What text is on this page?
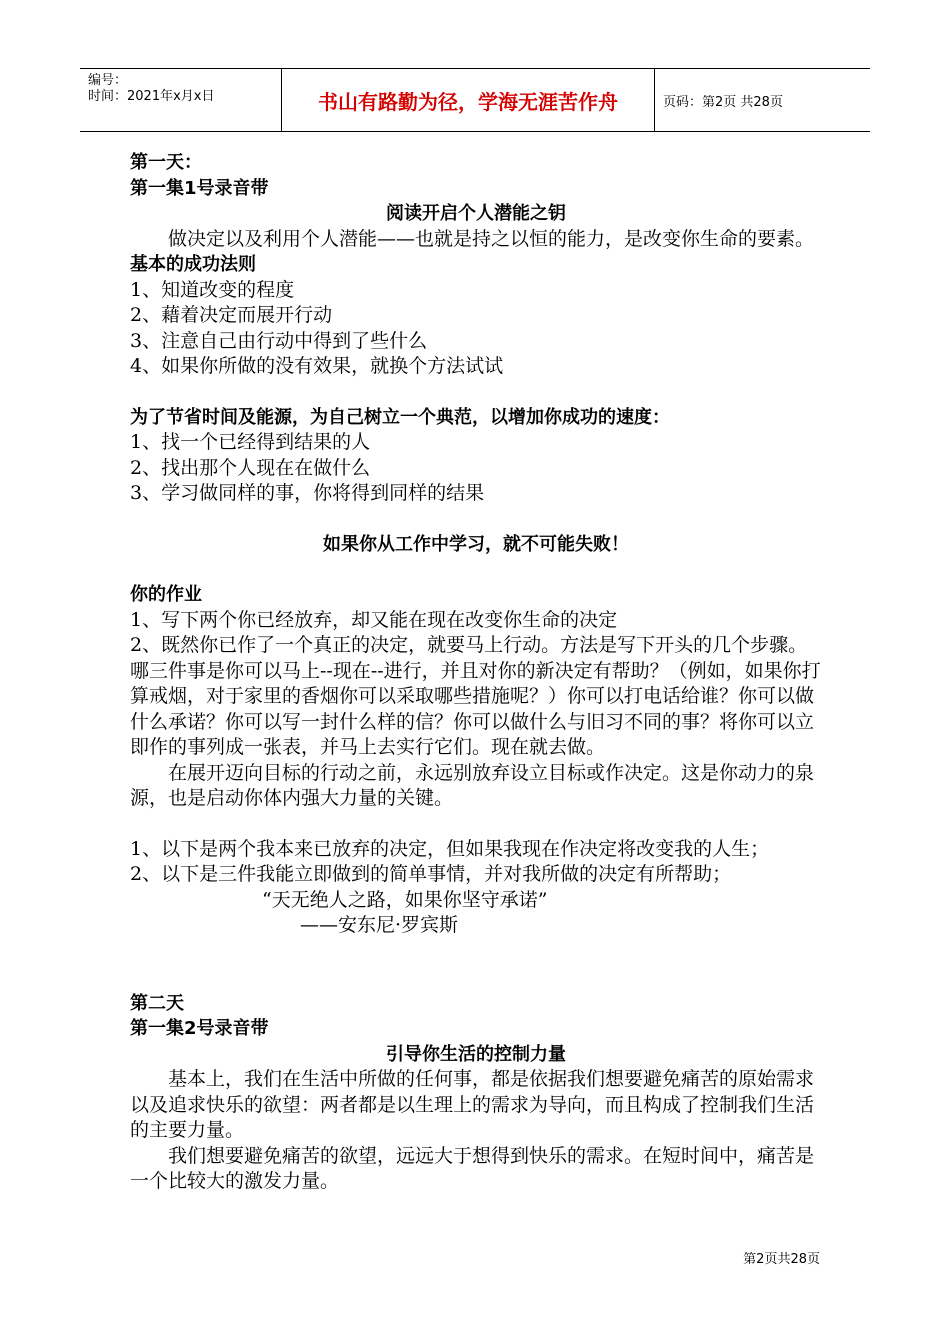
编号：
时间：2021年x月x日	书山有路勤为径，学海无涯苦作舟	页码：第2页 共28页

第一天：

第一集1号录音带

阅读开启个人潜能之钥

做决定以及利用个人潜能——也就是持之以恒的能力，是改变你生命的要素。

基本的成功法则

1、知道改变的程度

2、藉着决定而展开行动

3、注意自己由行动中得到了些什么

4、如果你所做的没有效果，就换个方法试试

为了节省时间及能源，为自己树立一个典范，以增加你成功的速度：

1、找一个已经得到结果的人

2、找出那个人现在在做什么

3、学习做同样的事，你将得到同样的结果

如果你从工作中学习，就不可能失败！

你的作业

1、写下两个你已经放弃，却又能在现在改变你生命的决定

2、既然你已作了一个真正的决定，就要马上行动。方法是写下开头的几个步骤。哪三件事是你可以马上--现在--进行，并且对你的新决定有帮助？（例如，如果你打算戒烟，对于家里的香烟你可以采取哪些措施呢？）你可以打电话给谁？你可以做什么承诺？你可以写一封什么样的信？你可以做什么与旧习不同的事？将你可以立即作的事列成一张表，并马上去实行它们。现在就去做。

在展开迈向目标的行动之前，永远别放弃设立目标或作决定。这是你动力的泉源，也是启动你体内强大力量的关键。

1、以下是两个我本来已放弃的决定，但如果我现在作决定将改变我的人生；

2、以下是三件我能立即做到的简单事情，并对我所做的决定有所帮助；

“天无绝人之路，如果你坚守承诺”

——安东尼·罗宾斯

第二天

第一集2号录音带

引导你生活的控制力量

基本上，我们在生活中所做的任何事，都是依据我们想要避免痛苦的原始需求以及追求快乐的欲望：两者都是以生理上的需求为导向，而且构成了控制我们生活的主要力量。

我们想要避免痛苦的欲望，远远大于想得到快乐的需求。在短时间中，痛苦是一个比较大的激发力量。

第2页共28页
